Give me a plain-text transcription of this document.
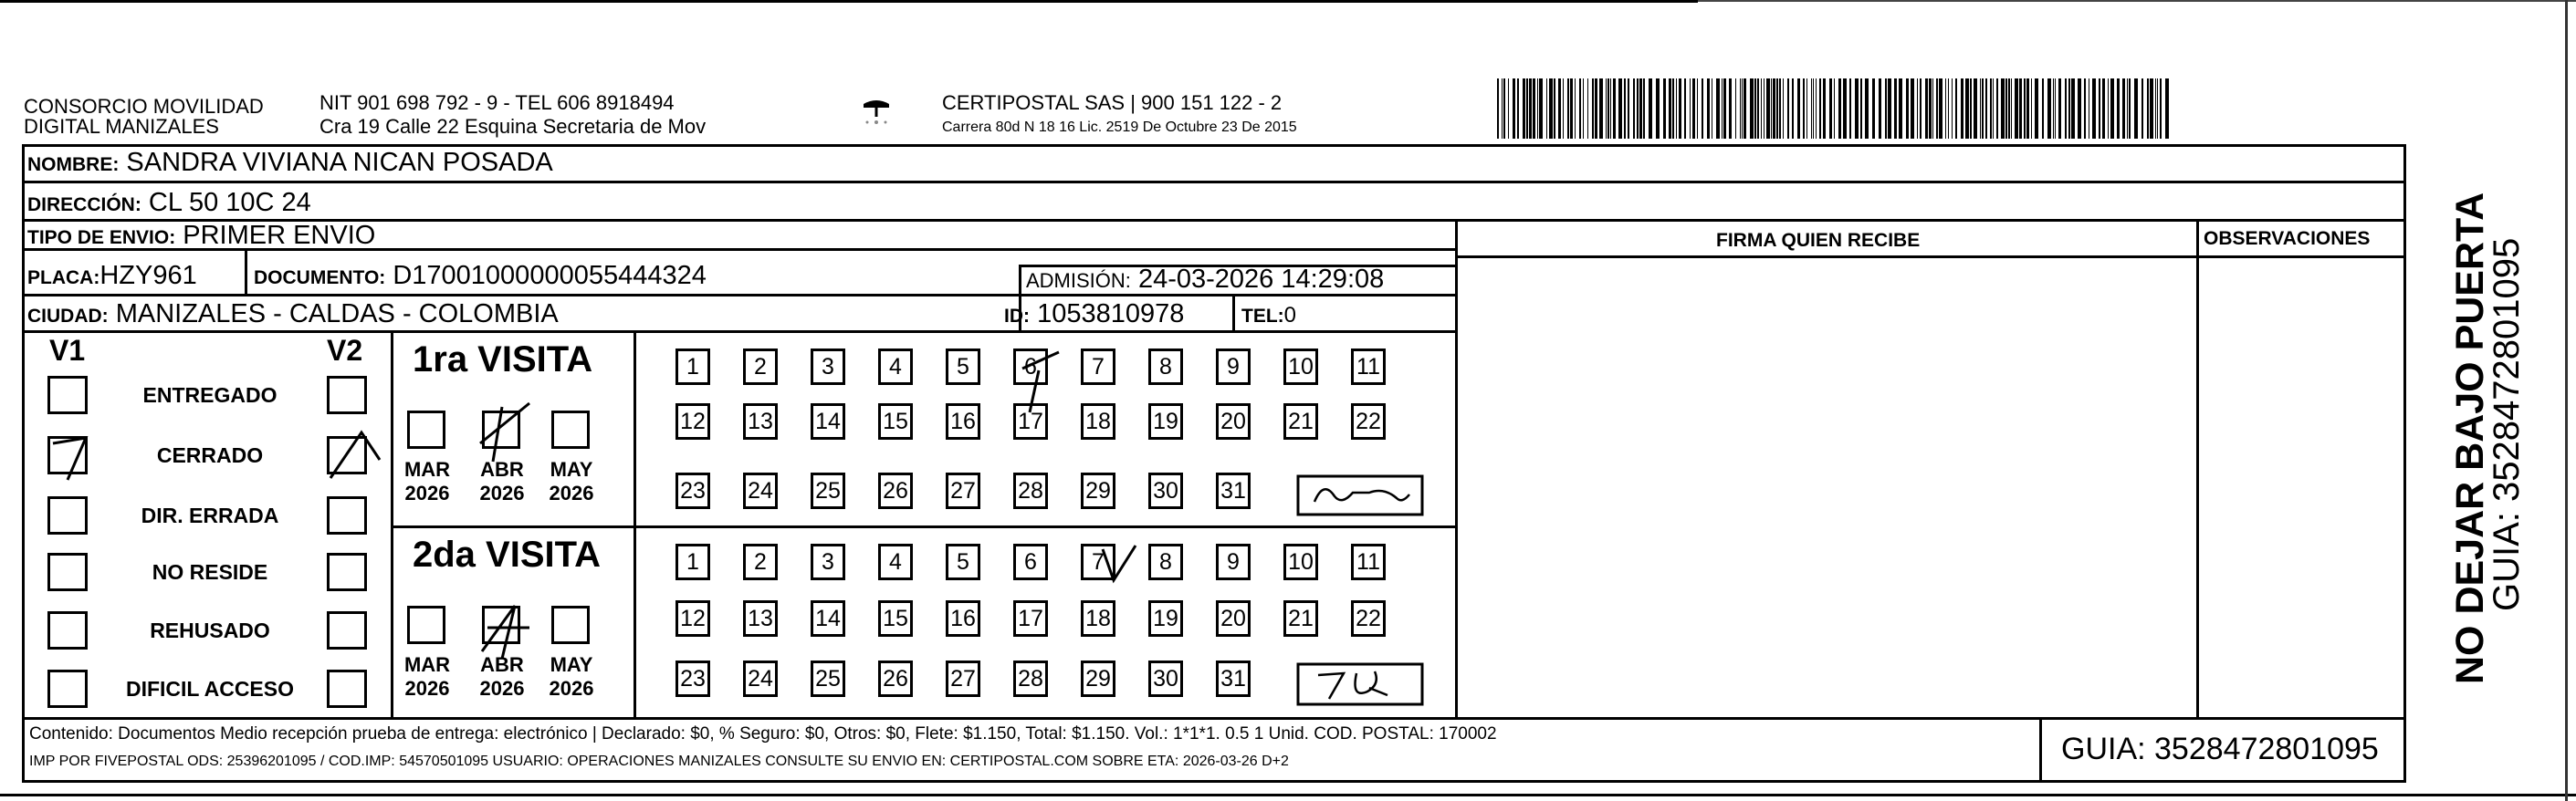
CONSORCIO MOVILIDAD
DIGITAL MANIZALES
NIT 901 698 792 - 9 - TEL 606 8918494
Cra 19 Calle 22 Esquina Secretaria de Mov
CERTIPOSTAL SAS | 900 151 122 - 2
Carrera 80d N 18 16 Lic. 2519 De Octubre 23 De 2015
NOMBRE: SANDRA VIVIANA NICAN POSADA
DIRECCIÓN: CL 50 10C 24
TIPO DE ENVIO: PRIMER ENVIO	FIRMA QUIEN RECIBE	OBSERVACIONES
PLACA:HZY961	DOCUMENTO: D17001000000055444324	ADMISIÓN: 24-03-2026 14:29:08
CIUDAD: MANIZALES - CALDAS - COLOMBIA	ID: 1053810978	TEL:0
V1	V2
ENTREGADO
CERRADO
DIR. ERRADA
NO RESIDE
REHUSADO
DIFICIL ACCESO
1ra VISITA
2da VISITA
MAR
2026
ABR
2026
MAY
2026
MAR
2026
ABR
2026
MAY
2026
1	2	3	4	5	6	7	8	9	10 11
12 13 14 15 16 17 18 19 20 21 22
23 24 25 26 27 28 29 30 31
1	2	3	4	5	6	7	8	9	10 11
12 13 14 15 16 17 18 19 20 21 22
23 24 25 26 27 28 29 30 31
Contenido: Documentos Medio recepción prueba de entrega: electrónico | Declarado: $0, % Seguro: $0, Otros: $0, Flete: $1.150, Total: $1.150. Vol.: 1*1*1. 0.5 1 Unid. COD. POSTAL: 170002
IMP POR FIVEPOSTAL ODS: 25396201095 / COD.IMP: 54570501095 USUARIO: OPERACIONES MANIZALES CONSULTE SU ENVIO EN: CERTIPOSTAL.COM SOBRE ETA: 2026-03-26 D+2	GUIA: 3528472801095
NO DEJAR BAJO PUERTA
GUIA: 3528472801095
